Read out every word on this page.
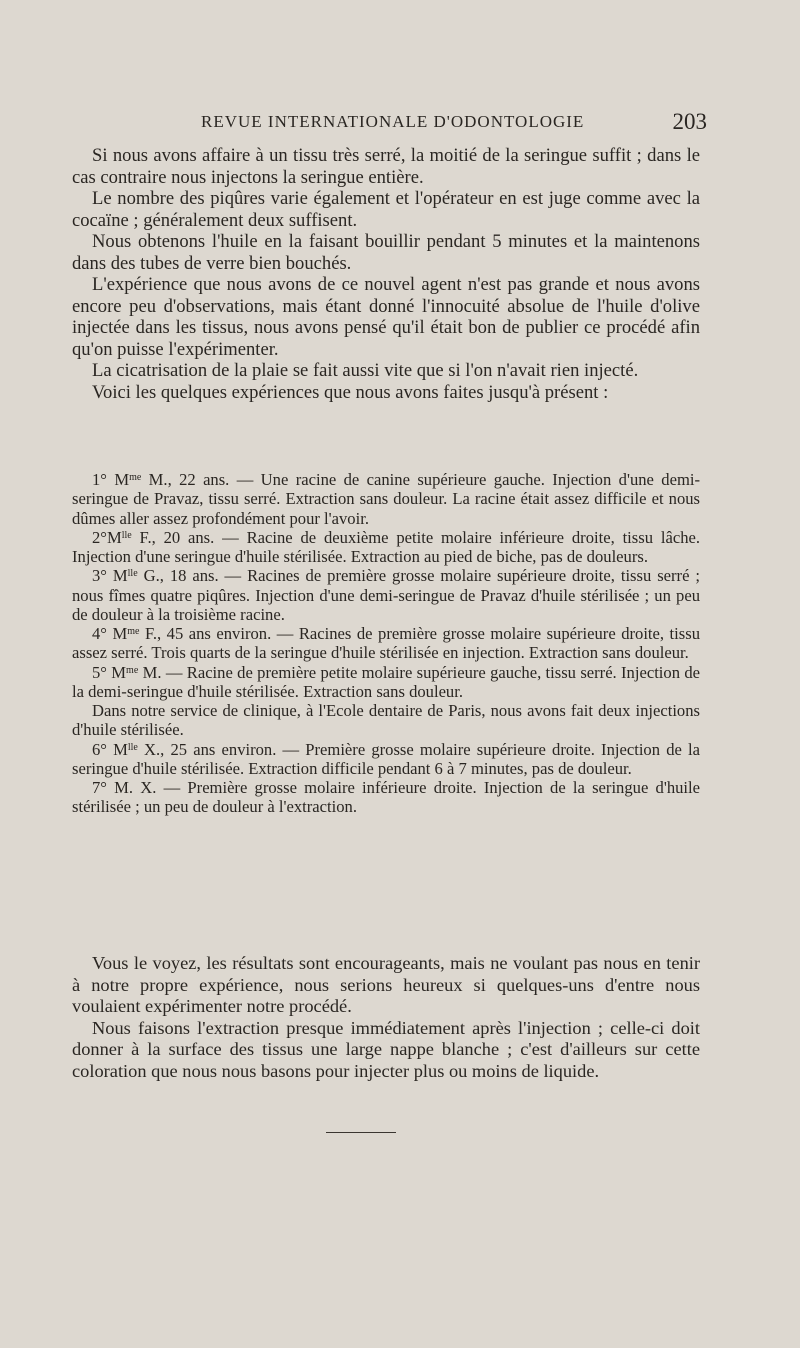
REVUE INTERNATIONALE D'ODONTOLOGIE	203

Si nous avons affaire à un tissu très serré, la moitié de la seringue suffit ; dans le cas contraire nous injectons la seringue entière.

Le nombre des piqûres varie également et l'opérateur en est juge comme avec la cocaïne ; généralement deux suffisent.

Nous obtenons l'huile en la faisant bouillir pendant 5 minutes et la maintenons dans des tubes de verre bien bouchés.

L'expérience que nous avons de ce nouvel agent n'est pas grande et nous avons encore peu d'observations, mais étant donné l'innocuité absolue de l'huile d'olive injectée dans les tissus, nous avons pensé qu'il était bon de publier ce procédé afin qu'on puisse l'expérimenter.

La cicatrisation de la plaie se fait aussi vite que si l'on n'avait rien injecté.

Voici les quelques expériences que nous avons faites jusqu'à présent :

1° $M^{me}$ M., 22 ans. — Une racine de canine supérieure gauche. Injection d'une demi-seringue de Pravaz, tissu serré. Extraction sans douleur. La racine était assez difficile et nous dûmes aller assez profondément pour l'avoir.

$2^\circ M^{lle}$ F., 20 ans. — Racine de deuxième petite molaire inférieure droite, tissu lâche. Injection d'une seringue d'huile stérilisée. Extraction au pied de biche, pas de douleurs.

3° $M^{lle}$ G., 18 ans. — Racines de première grosse molaire supérieure droite, tissu serré ; nous fîmes quatre piqûres. Injection d'une demi-seringue de Pravaz d'huile stérilisée ; un peu de douleur à la troisième racine.

4° $M^{me}$ F., 45 ans environ. — Racines de première grosse molaire supérieure droite, tissu assez serré. Trois quarts de la seringue d'huile stérilisée en injection. Extraction sans douleur.

5° $M^{me}$ M. — Racine de première petite molaire supérieure gauche, tissu serré. Injection de la demi-seringue d'huile stérilisée. Extraction sans douleur.

Dans notre service de clinique, à l'Ecole dentaire de Paris, nous avons fait deux injections d'huile stérilisée.

6° $M^{lle}$ X., 25 ans environ. — Première grosse molaire supérieure droite. Injection de la seringue d'huile stérilisée. Extraction difficile pendant 6 à 7 minutes, pas de douleur.

7° M. X. — Première grosse molaire inférieure droite. Injection de la seringue d'huile stérilisée ; un peu de douleur à l'extraction.

Vous le voyez, les résultats sont encourageants, mais ne voulant pas nous en tenir à notre propre expérience, nous serions heureux si quelques-uns d'entre nous voulaient expérimenter notre procédé.

Nous faisons l'extraction presque immédiatement après l'injection ; celle-ci doit donner à la surface des tissus une large nappe blanche ; c'est d'ailleurs sur cette coloration que nous nous basons pour injecter plus ou moins de liquide.
